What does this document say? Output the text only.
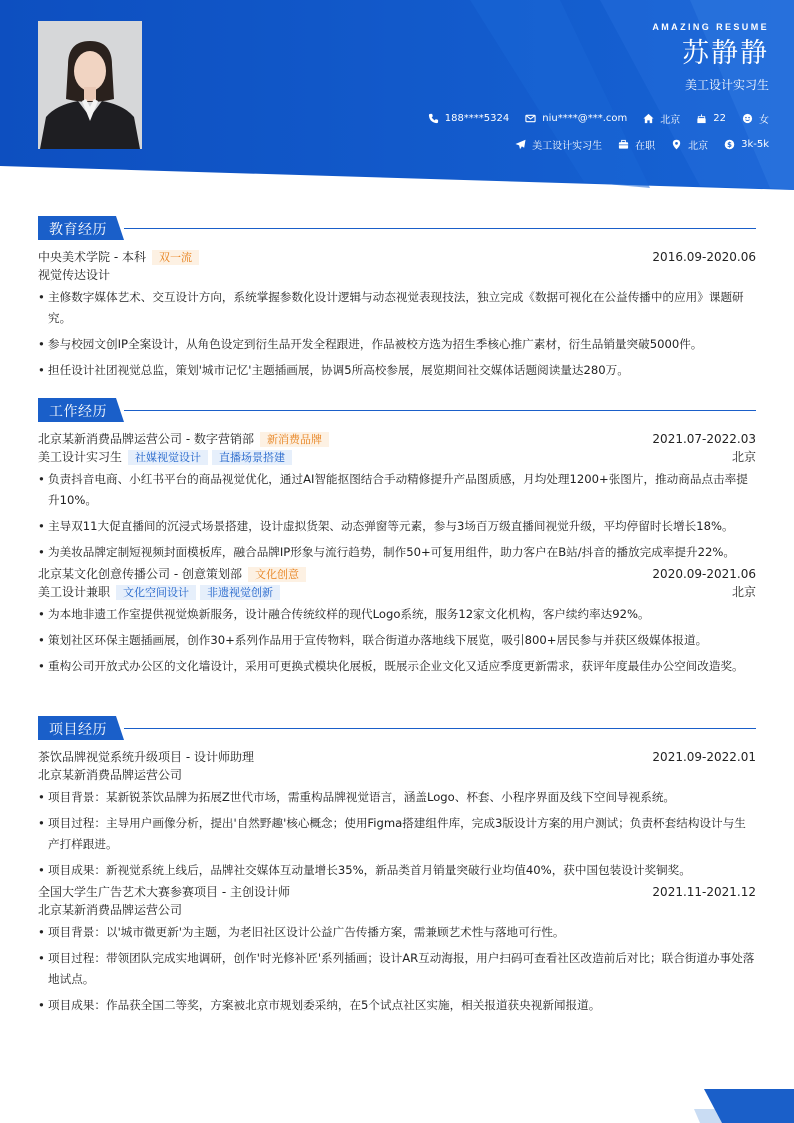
AMAZING RESUME
苏静静
美工设计实习生
188****5324	niu****@***.com	北京	22	女
美工设计实习生	在职	北京	$ 3k-5k
教育经历
中央美术学院 - 本科 双一流	2016.09-2020.06
视觉传达设计
• 主修数字媒体艺术、交互设计方向，系统掌握参数化设计逻辑与动态视觉表现技法，独立完成《数据可视化在公益传播中的应用》课题研究。
• 参与校园文创IP全案设计，从角色设定到衍生品开发全程跟进，作品被校方选为招生季核心推广素材，衍生品销量突破5000件。
• 担任设计社团视觉总监，策划'城市记忆'主题插画展，协调5所高校参展，展览期间社交媒体话题阅读量达280万。
工作经历
北京某新消费品牌运营公司 - 数字营销部 新消费品牌	2021.07-2022.03
美工设计实习生 社媒视觉设计 直播场景搭建	北京
• 负责抖音电商、小红书平台的商品视觉优化，通过AI智能抠图结合手动精修提升产品图质感，月均处理1200+张图片，推动商品点击率提升10%。
• 主导双11大促直播间的沉浸式场景搭建，设计虚拟货架、动态弹窗等元素，参与3场百万级直播间视觉升级，平均停留时长增长18%。
• 为美妆品牌定制短视频封面模板库，融合品牌IP形象与流行趋势，制作50+可复用组件，助力客户在B站/抖音的播放完成率提升22%。
北京某文化创意传播公司 - 创意策划部 文化创意	2020.09-2021.06
美工设计兼职 文化空间设计 非遗视觉创新	北京
• 为本地非遗工作室提供视觉焕新服务，设计融合传统纹样的现代Logo系统，服务12家文化机构，客户续约率达92%。
• 策划社区环保主题插画展，创作30+系列作品用于宣传物料，联合街道办落地线下展览，吸引800+居民参与并获区级媒体报道。
• 重构公司开放式办公区的文化墙设计，采用可更换式模块化展板，既展示企业文化又适应季度更新需求，获评年度最佳办公空间改造奖。
项目经历
茶饮品牌视觉系统升级项目 - 设计师助理	2021.09-2022.01
北京某新消费品牌运营公司
• 项目背景：某新锐茶饮品牌为拓展Z世代市场，需重构品牌视觉语言，涵盖Logo、杯套、小程序界面及线下空间导视系统。
• 项目过程：主导用户画像分析，提出'自然野趣'核心概念；使用Figma搭建组件库，完成3版设计方案的用户测试；负责杯套结构设计与生产打样跟进。
• 项目成果：新视觉系统上线后，品牌社交媒体互动量增长35%，新品类首月销量突破行业均值40%，获中国包装设计奖铜奖。
全国大学生广告艺术大赛参赛项目 - 主创设计师	2021.11-2021.12
北京某新消费品牌运营公司
• 项目背景：以'城市微更新'为主题，为老旧社区设计公益广告传播方案，需兼顾艺术性与落地可行性。
• 项目过程：带领团队完成实地调研，创作'时光修补匠'系列插画；设计AR互动海报，用户扫码可查看社区改造前后对比；联合街道办事处落地试点。
• 项目成果：作品获全国二等奖，方案被北京市规划委采纳，在5个试点社区实施，相关报道获央视新闻报道。
